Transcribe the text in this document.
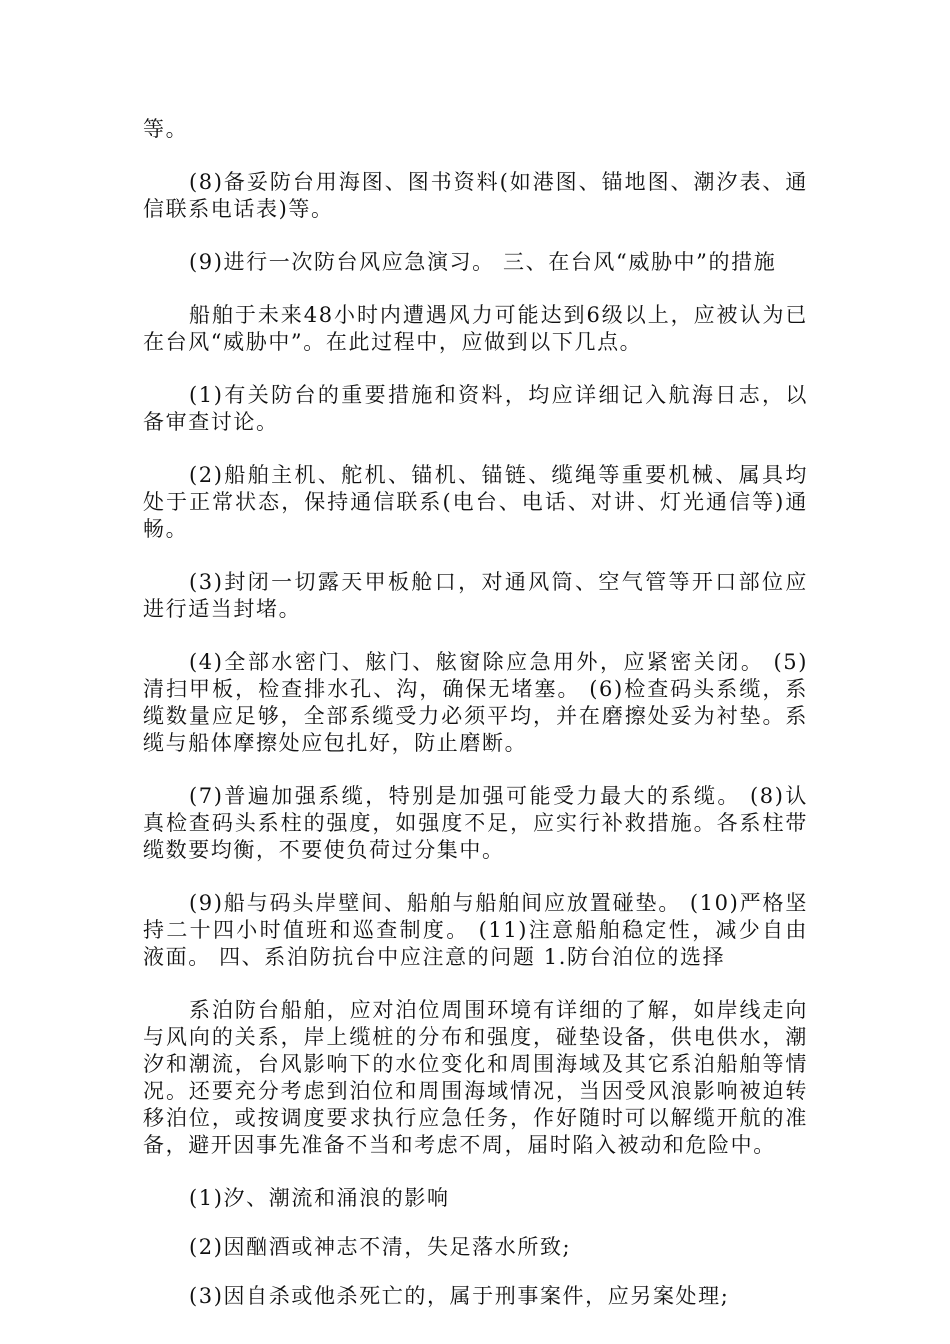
等。

(8)备妥防台用海图、图书资料(如港图、锚地图、潮汐表、通信联系电话表)等。

(9)进行一次防台风应急演习。 三、在台风“威胁中”的措施

船舶于未来48小时内遭遇风力可能达到6级以上，应被认为已在台风“威胁中”。在此过程中，应做到以下几点。

(1)有关防台的重要措施和资料，均应详细记入航海日志，以备审查讨论。

(2)船舶主机、舵机、锚机、锚链、缆绳等重要机械、属具均处于正常状态，保持通信联系(电台、电话、对讲、灯光通信等)通畅。

(3)封闭一切露天甲板舱口，对通风筒、空气管等开口部位应进行适当封堵。

(4)全部水密门、舷门、舷窗除应急用外，应紧密关闭。 (5)清扫甲板，检查排水孔、沟，确保无堵塞。 (6)检查码头系缆，系缆数量应足够，全部系缆受力必须平均，并在磨擦处妥为衬垫。系缆与船体摩擦处应包扎好，防止磨断。

(7)普遍加强系缆，特别是加强可能受力最大的系缆。 (8)认真检查码头系柱的强度，如强度不足，应实行补救措施。各系柱带缆数要均衡，不要使负荷过分集中。

(9)船与码头岸壁间、船舶与船舶间应放置碰垫。 (10)严格坚持二十四小时值班和巡查制度。 (11)注意船舶稳定性，减少自由液面。 四、系泊防抗台中应注意的问题 1.防台泊位的选择

系泊防台船舶，应对泊位周围环境有详细的了解，如岸线走向与风向的关系，岸上缆桩的分布和强度，碰垫设备，供电供水，潮汐和潮流，台风影响下的水位变化和周围海域及其它系泊船舶等情况。还要充分考虑到泊位和周围海域情况，当因受风浪影响被迫转移泊位，或按调度要求执行应急任务，作好随时可以解缆开航的准备，避开因事先准备不当和考虑不周，届时陷入被动和危险中。

(1)汐、潮流和涌浪的影响

(2)因酗酒或神志不清，失足落水所致;

(3)因自杀或他杀死亡的，属于刑事案件，应另案处理;
